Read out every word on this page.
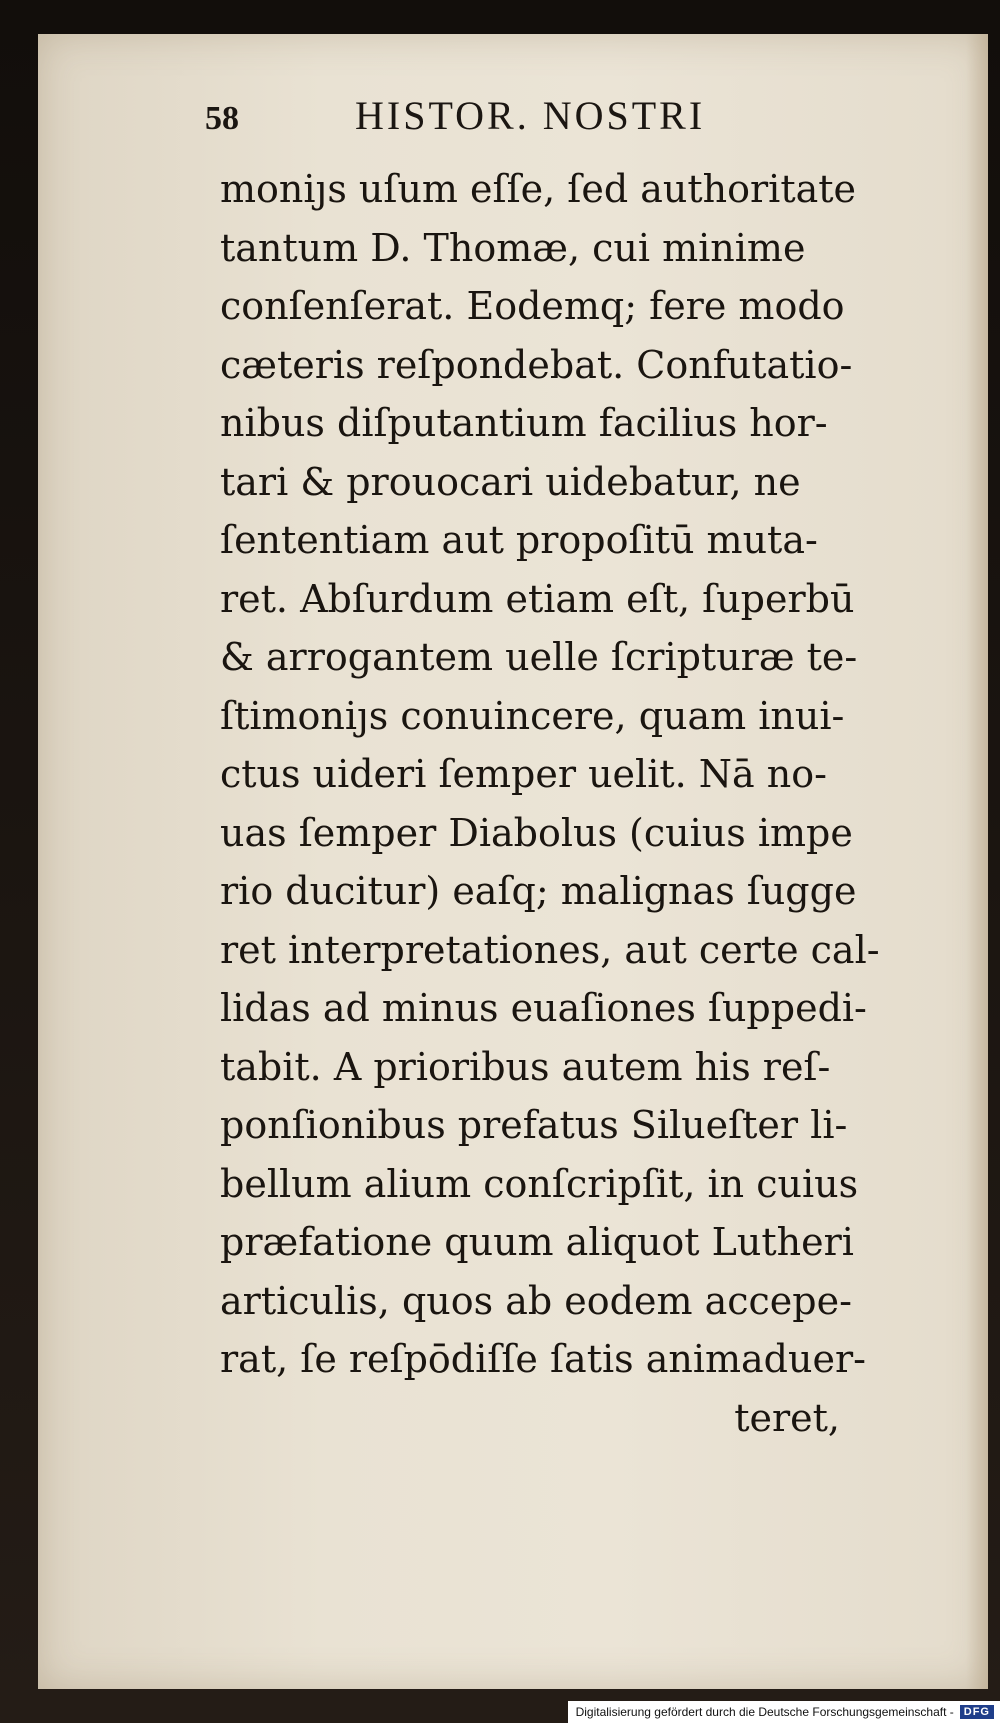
58	HISTOR. NOSTRI
moniȷs uſum eſſe, ſed authoritate
tantum D. Thomæ, cui minime
conſenſerat. Eodemq; fere modo
cæteris reſpondebat. Confutatio-
nibus diſputantium facilius hor-
tari & prouocari uidebatur, ne
ſententiam aut propoſitū muta-
ret. Abſurdum etiam eſt, ſuperbū
& arrogantem uelle ſcripturæ te-
ſtimoniȷs conuincere, quam inui-
ctus uideri ſemper uelit. Nā no-
uas ſemper Diabolus (cuius impe
rio ducitur) eaſq; malignas ſugge
ret interpretationes, aut certe cal-
lidas ad minus euaſiones ſuppedi-
tabit. A prioribus autem his reſ-
ponſionibus prefatus Silueſter li-
bellum alium conſcripſit, in cuius
præfatione quum aliquot Lutheri
articulis, quos ab eodem accepe-
rat, ſe reſpōdiſſe ſatis animaduer-
teret,
Digitalisierung gefördert durch die Deutsche Forschungsgemeinschaft - DFG
